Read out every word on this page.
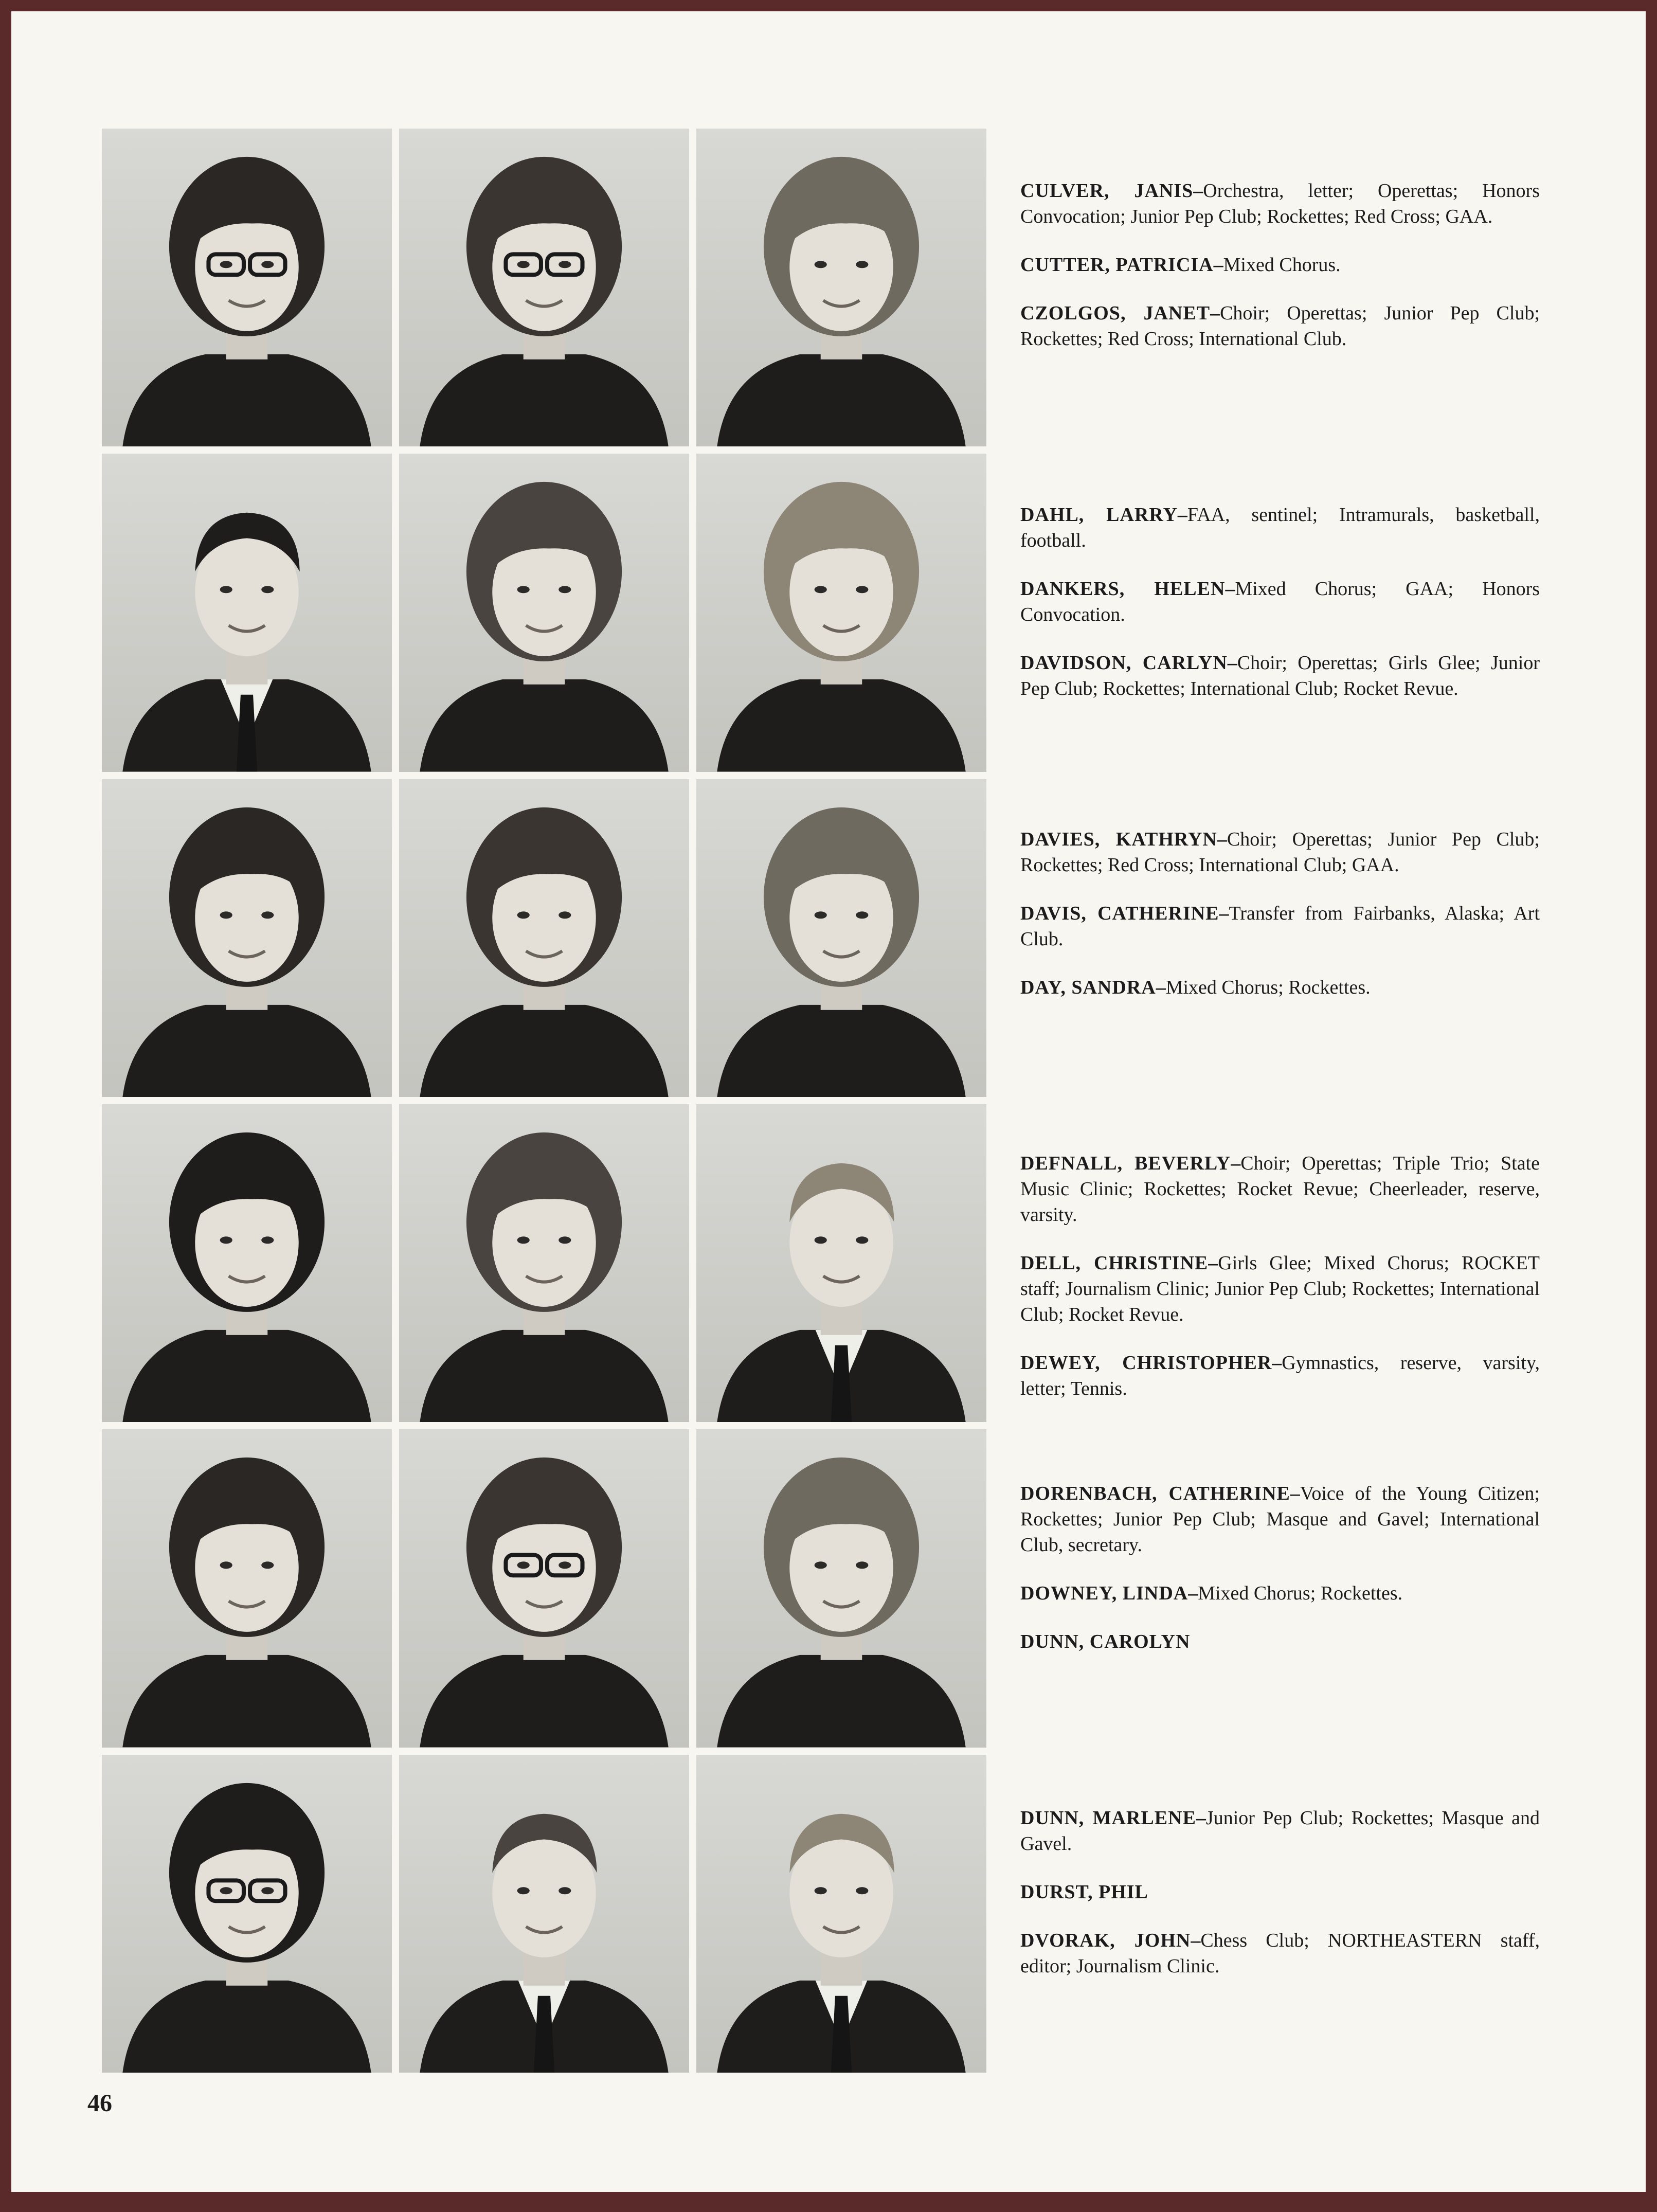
CULVER, JANIS–Orchestra, letter; Operettas; Honors Convocation; Junior Pep Club; Rockettes; Red Cross; GAA.

CUTTER, PATRICIA–Mixed Chorus.

CZOLGOS, JANET–Choir; Operettas; Junior Pep Club; Rockettes; Red Cross; International Club.

DAHL, LARRY–FAA, sentinel; Intramurals, basketball, football.

DANKERS, HELEN–Mixed Chorus; GAA; Honors Convocation.

DAVIDSON, CARLYN–Choir; Operettas; Girls Glee; Junior Pep Club; Rockettes; International Club; Rocket Revue.

DAVIES, KATHRYN–Choir; Operettas; Junior Pep Club; Rockettes; Red Cross; International Club; GAA.

DAVIS, CATHERINE–Transfer from Fairbanks, Alaska; Art Club.

DAY, SANDRA–Mixed Chorus; Rockettes.

DEFNALL, BEVERLY–Choir; Operettas; Triple Trio; State Music Clinic; Rockettes; Rocket Revue; Cheerleader, reserve, varsity.

DELL, CHRISTINE–Girls Glee; Mixed Chorus; ROCKET staff; Journalism Clinic; Junior Pep Club; Rockettes; International Club; Rocket Revue.

DEWEY, CHRISTOPHER–Gymnastics, reserve, varsity, letter; Tennis.

DORENBACH, CATHERINE–Voice of the Young Citizen; Rockettes; Junior Pep Club; Masque and Gavel; International Club, secretary.

DOWNEY, LINDA–Mixed Chorus; Rockettes.

DUNN, CAROLYN

DUNN, MARLENE–Junior Pep Club; Rockettes; Masque and Gavel.

DURST, PHIL

DVORAK, JOHN–Chess Club; NORTHEASTERN staff, editor; Journalism Clinic.

46
